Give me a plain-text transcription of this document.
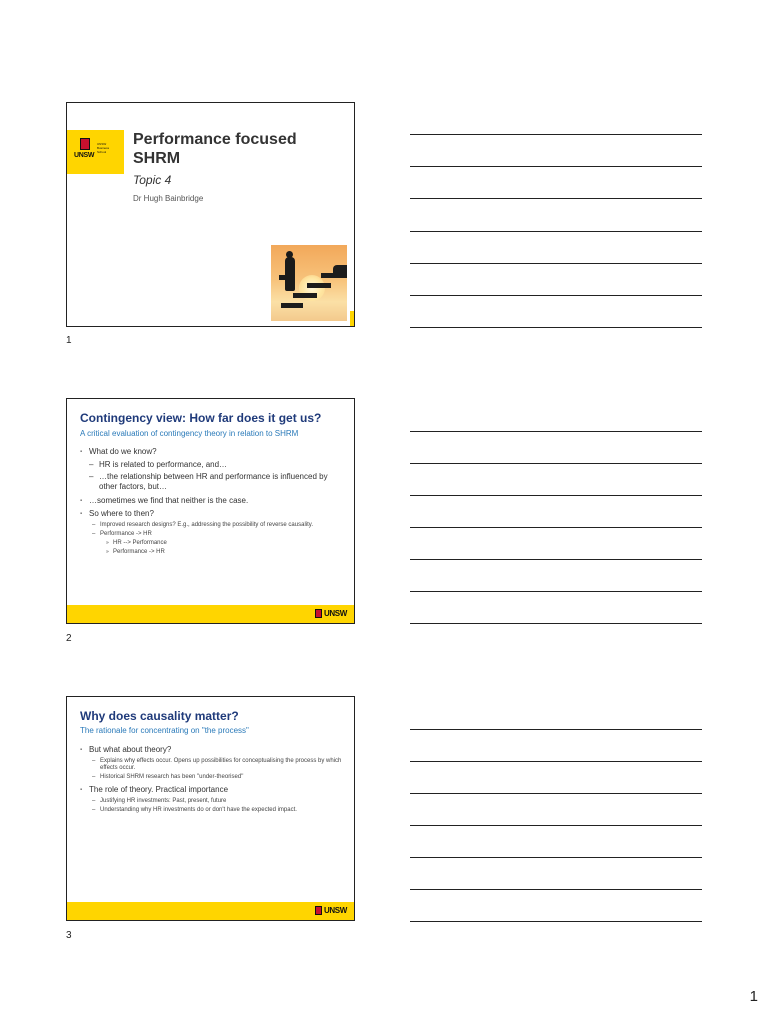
UNSW
UNSW Business School
Performance focused SHRM
Topic 4
Dr Hugh Bainbridge
1
Contingency view: How far does it get us?
A critical evaluation of contingency theory in relation to SHRM
▪ What do we know?
– HR is related to performance, and…
– …the relationship between HR and performance is influenced by other factors, but…
▪ …sometimes we find that neither is the case.
▪ So where to then?
– Improved research designs? E.g., addressing the possibility of reverse causality.
– Performance -> HR
» HR --> Performance
» Performance -> HR
UNSW
2
Why does causality matter?
The rationale for concentrating on "the process"
▪ But what about theory?
– Explains why effects occur. Opens up possibilities for conceptualising the process by which effects occur.
– Historical SHRM research has been "under-theorised"
▪ The role of theory. Practical importance
– Justifying HR investments: Past, present, future
– Understanding why HR investments do or don't have the expected impact.
UNSW
3
1
